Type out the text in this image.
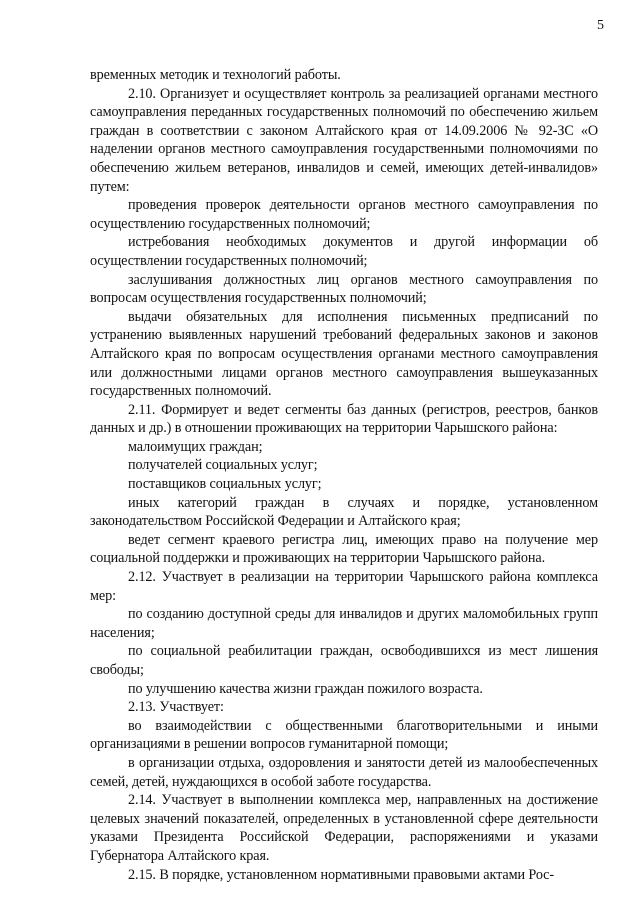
5

временных методик и технологий работы.

2.10. Организует и осуществляет контроль за реализацией органами местного самоуправления переданных государственных полномочий по обеспечению жильем граждан в соответствии с законом Алтайского края от 14.09.2006 № 92-ЗС «О наделении органов местного самоуправления государственными полномочиями по обеспечению жильем ветеранов, инвалидов и семей, имеющих детей-инвалидов» путем:

проведения проверок деятельности органов местного самоуправления по осуществлению государственных полномочий;

истребования необходимых документов и другой информации об осуществлении государственных полномочий;

заслушивания должностных лиц органов местного самоуправления по вопросам осуществления государственных полномочий;

выдачи обязательных для исполнения письменных предписаний по устранению выявленных нарушений требований федеральных законов и законов Алтайского края по вопросам осуществления органами местного самоуправления или должностными лицами органов местного самоуправления вышеуказанных государственных полномочий.

2.11. Формирует и ведет сегменты баз данных (регистров, реестров, банков данных и др.) в отношении проживающих на территории Чарышского района:

малоимущих граждан;

получателей социальных услуг;

поставщиков социальных услуг;

иных категорий граждан в случаях и порядке, установленном законодательством Российской Федерации и Алтайского края;

ведет сегмент краевого регистра лиц, имеющих право на получение мер социальной поддержки и проживающих на территории Чарышского района.

2.12. Участвует в реализации на территории Чарышского района комплекса мер:

по созданию доступной среды для инвалидов и других маломобильных групп населения;

по социальной реабилитации граждан, освободившихся из мест лишения свободы;

по улучшению качества жизни граждан пожилого возраста.

2.13. Участвует:

во взаимодействии с общественными благотворительными и иными организациями в решении вопросов гуманитарной помощи;

в организации отдыха, оздоровления и занятости детей из малообеспеченных семей, детей, нуждающихся в особой заботе государства.

2.14. Участвует в выполнении комплекса мер, направленных на достижение целевых значений показателей, определенных в установленной сфере деятельности указами Президента Российской Федерации, распоряжениями и указами Губернатора Алтайского края.

2.15. В порядке, установленном нормативными правовыми актами Рос-
